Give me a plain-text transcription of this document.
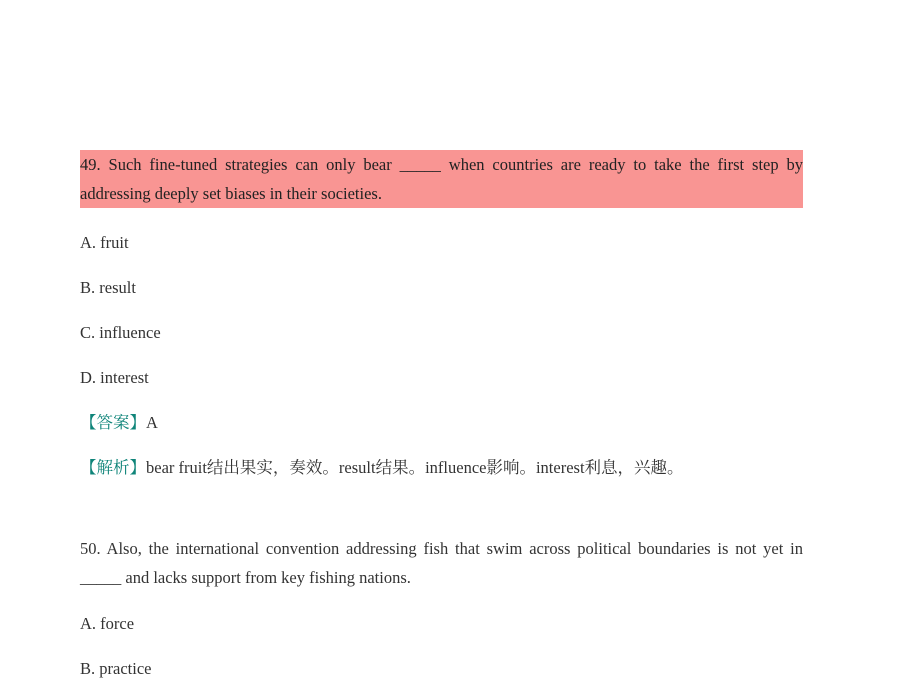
49. Such fine-tuned strategies can only bear _____ when countries are ready to take the first step by addressing deeply set biases in their societies.

A. fruit

B. result

C. influence

D. interest

【答案】A

【解析】bear fruit结出果实，奏效。result结果。influence影响。interest利息，兴趣。

50. Also, the international convention addressing fish that swim across political boundaries is not yet in _____ and lacks support from key fishing nations.

A. force

B. practice
